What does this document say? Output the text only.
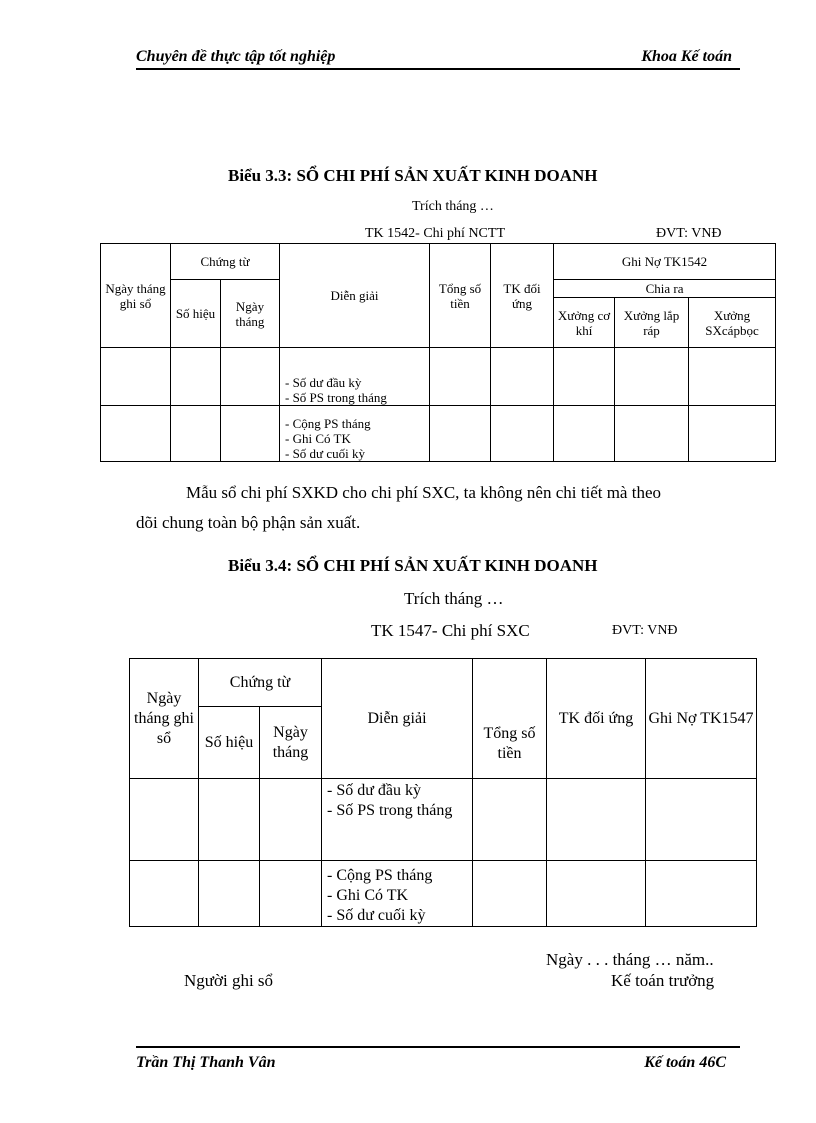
Chuyên đề thực tập tốt nghiệp	Khoa Kế toán
Biểu 3.3: SỔ CHI PHÍ SẢN XUẤT KINH DOANH
Trích tháng …
TK 1542- Chi phí NCTT	ĐVT: VNĐ
Ngày tháng ghi sổ	Chứng từ		Diễn giải	Tổng số tiền	TK đối ứng	Ghi Nợ TK1542		
	Số hiệu	Ngày tháng				Chia ra		
						Xưởng cơ khí	Xưởng lắp ráp	Xưởng SXcápbọc

			- Số dư đầu kỳ
- Số PS trong tháng					

			- Cộng PS tháng
- Ghi Có TK
- Số dư cuối kỳ					

Mẫu sổ chi phí SXKD cho chi phí SXC, ta không nên chi tiết mà theo
dõi chung toàn bộ phận sản xuất.
Biểu 3.4: SỔ CHI PHÍ SẢN XUẤT KINH DOANH
Trích tháng …
TK 1547- Chi phí SXC	ĐVT: VNĐ
Ngày tháng ghi sổ	Chứng từ		Diễn giải	Tổng số tiền	TK đối ứng	Ghi Nợ TK1547
	Số hiệu	Ngày tháng				

			- Số dư đầu kỳ
- Số PS trong tháng			

			- Cộng PS tháng
- Ghi Có TK
- Số dư cuối kỳ			

Ngày . . . tháng … năm..
Người ghi sổ	Kế toán trưởng
Trần Thị Thanh Vân	Kế toán 46C
